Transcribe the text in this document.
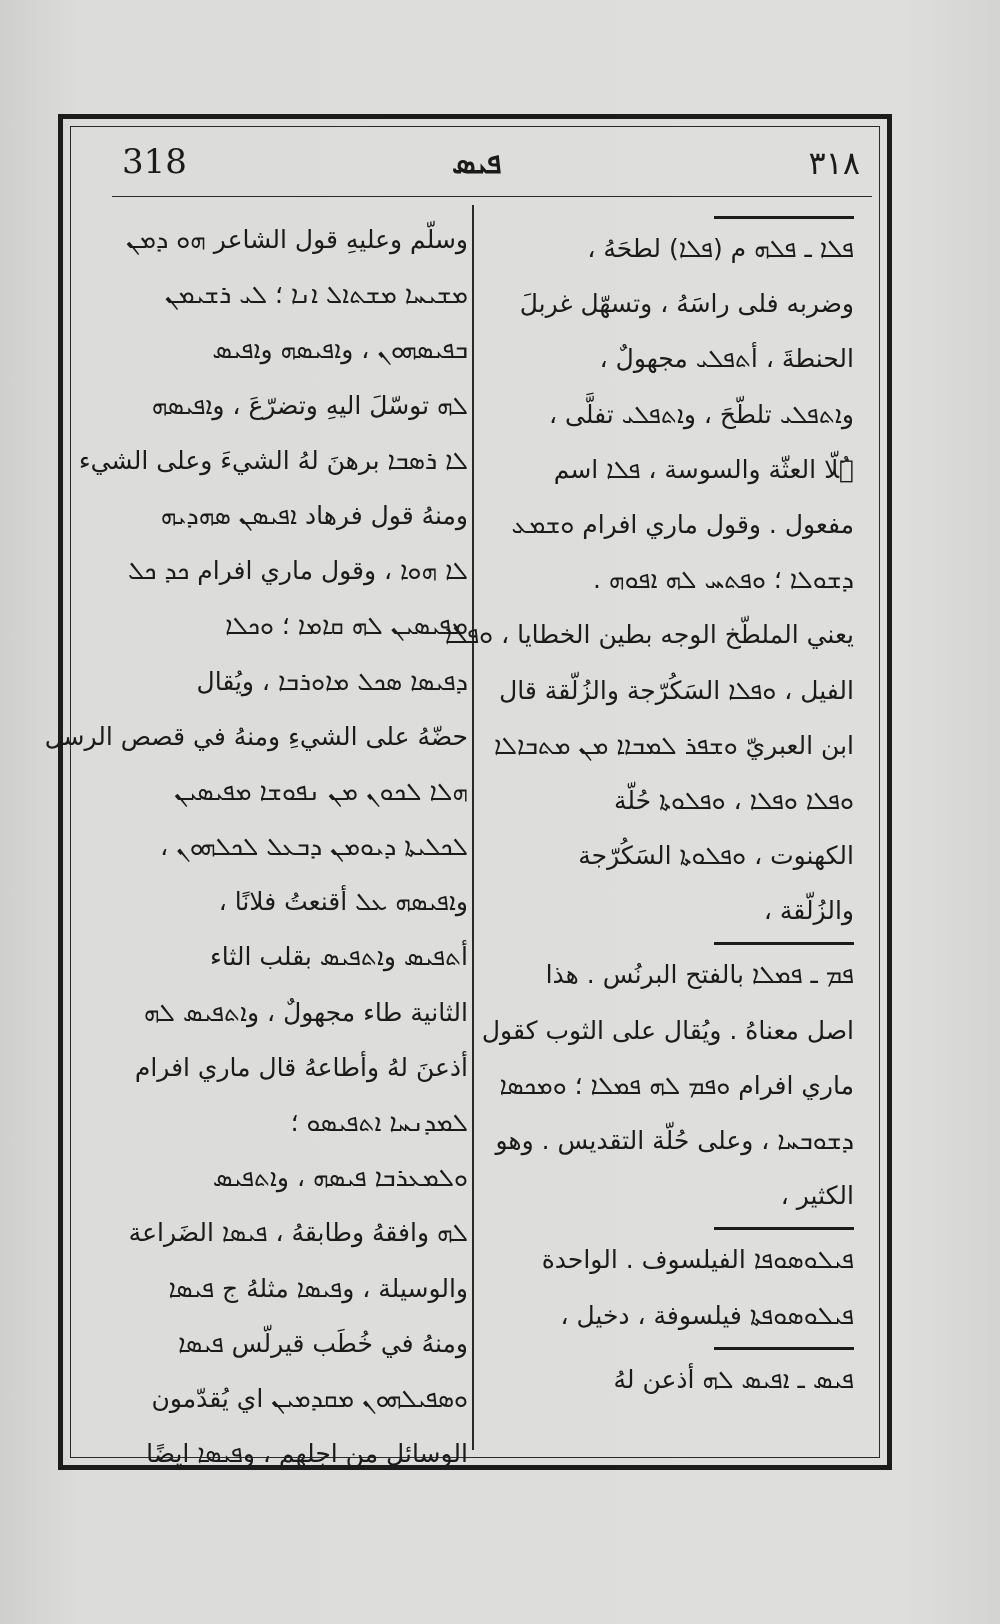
318	ܦܝܣ	٣١٨
ܦܠܐ ـ ܦܠܗ م (ܦܠܐ) لطحَهُ ،
وضربه فلى راسَهُ ، وتسهّل غربلَ
الحنطةَ ، أܬܦܠܝ مجهولٌ ،
وܐܬܦܠܝ تلطّحَ ، وܐܬܦܠܝ تفلَّى ،
ܦُلّا العثّة والسوسة ، ܦܠܐ اسم
مفعول . وقول ماري افرام ܘܫܡܥ
ܕܫܘܠܐ ؛ ܘܦܬܚ ܠܗ ܐܦܘܗ .
يعني الملطّخ الوجه بطين الخطايا ، ܘܦܠܐ
الفيل ، ܘܦܠܐ السَكُرّجة والزُلّقة قال
ابن العبريّ ܘܫܦܪ ܠܡܒܐܐ ܡܢ ܡܬܒܐܠܐ
ܘܦܠܐ ܘܦܠܐ ، ܘܦܠܘܬܐ حُلّة
الكهنوت ، ܘܦܠܘܬܐ السَكُرّجة
والزُلّقة ،
ܦܡ ـ ܦܡܠܐ بالفتح البرنُس . هذا
اصل معناهُ . ويُقال على الثوب كقول
ماري افرام ܘܦܡ ܠܗ ܦܡܠܐ ؛ ܘܡܟܣܐ
ܕܫܘܒܚܐ ، وعلى حُلّة التقديس . وهو
الكثير ،
ܦܝܠܘܣܘܦܐ الفيلسوف . الواحدة
ܦܝܠܘܣܘܦܬܐ فيلسوفة ، دخيل ،
ܦܝܣ ـ ܐܦܝܣ ܠܗ أذعن لهُ
وسلّم وعليهِ قول الشاعر ܗܘ ܕܡܢ
ܡܫܝܚܐ ܡܫܬܐܠ ܐܢܐ ؛ ܠܝ ܪܫܝܡܢ
ܒܦܝܣܗܘܢ ، وܐܦܝܣܗ وܐܦܝܣ
ܠܗ توسّلَ اليهِ وتضرّعَ ، وܐܦܝܣܗ
ܠܐ ܪܣܒܐ برهنَ لهُ الشيءَ وعلى الشيء
ومنهُ قول فرهاد ܐܦܝܣܢ ܣܗܕܝܗ
ܠܐ ܗܘܐ ، وقول ماري افرام ܟܕ ܟܠ
ܡܦܝܣܝܢ ܠܗ ܩܐܡܐ ؛ ܘܟܠܐ
ܕܦܝܣܐ ܣܟܠ ܡܐܘܪܒܐ ، ويُقال
حضّهُ على الشيءِ ومنهُ في قصص الرسل
ܗܠܐ ܠܟܘܢ ܡܢ ܢܦܘܫܐ ܡܦܝܣܝܢ
ܠܟܠܝܬܐ ܕܝܘܡܢ ܕܒܥܠ ܠܟܠܗܘܢ ،
وܐܦܝܣܗ ܥܠ أقنعتُ فلانًا ،
أܬܦܝܣ وܐܬܦܝܣ بقلب الثاء
الثانية طاء مجهولٌ ، وܐܬܦܝܣ ܠܗ
أذعنَ لهُ وأطاعهُ قال ماري افرام
ܠܡܕܢܚܐ ܐܬܦܝܣܘ ؛
ܘܠܡܥܪܒܐ ܦܝܣܗ ، وܐܬܦܝܣ
ܠܗ وافقهُ وطابقهُ ، ܦܝܣܐ الضَراعة
والوسيلة ، وܦܝܣܐ مثلهُ ج ܦܝܣܐ
ومنهُ في خُطَب قيرلّس ܦܝܣܐ
ܘܣܦܝܠܗܘܢ ܡܩܕܡܝܢ اي يُقدّمون
الوسائل من اجلهم ، وܦܝܣܐ ايضًا
